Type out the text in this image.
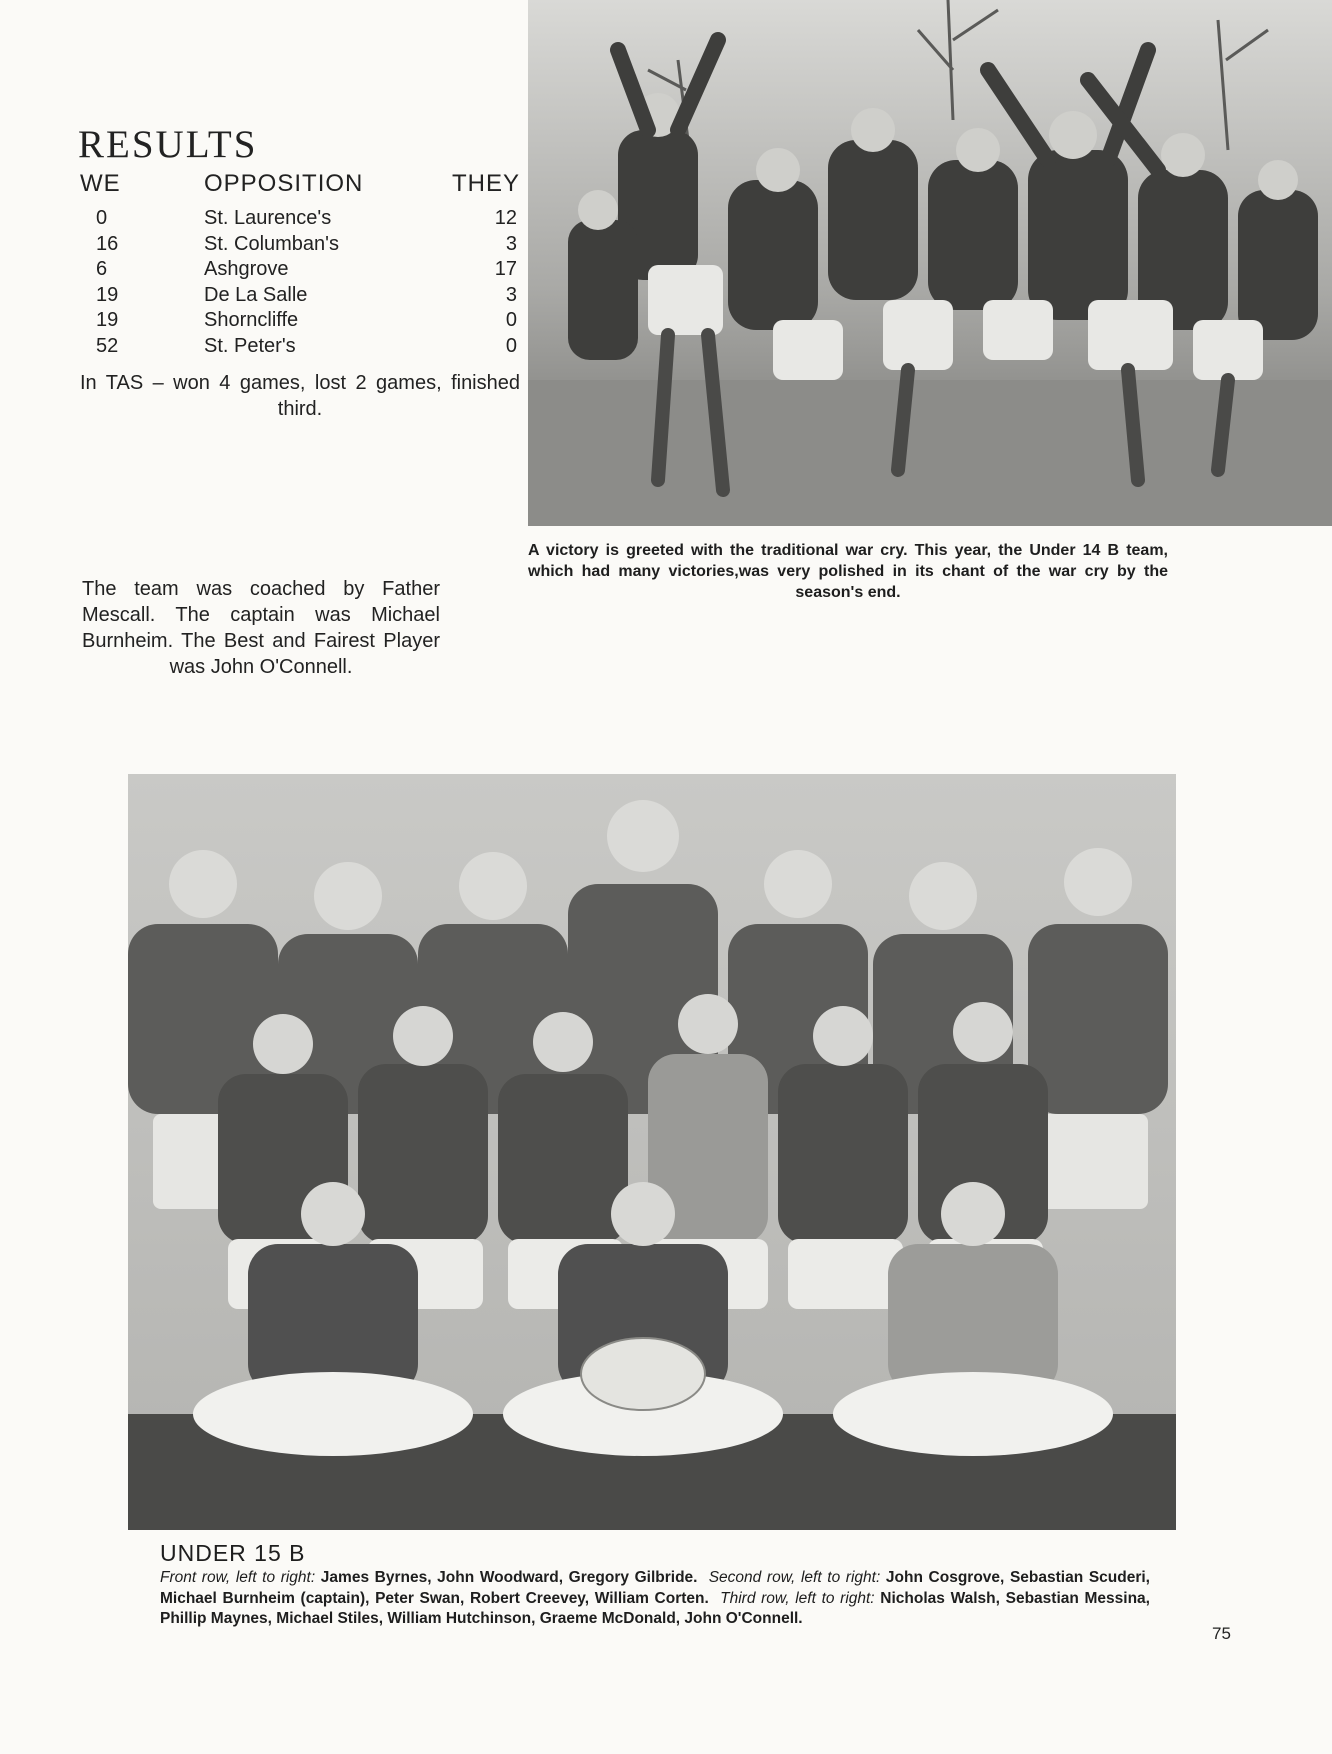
RESULTS
WE	OPPOSITION	THEY
0	St. Laurence's	12
16	St. Columban's	3
6	Ashgrove	17
19	De La Salle	3
19	Shorncliffe	0
52	St. Peter's	0

In TAS – won 4 games, lost 2 games, finished third.

The team was coached by Father Mescall. The captain was Michael Burnheim. The Best and Fairest Player was John O'Connell.

A victory is greeted with the traditional war cry. This year, the Under 14 B team, which had many victories,was very polished in its chant of the war cry by the season's end.

UNDER 15 B

Front row, left to right: James Byrnes, John Woodward, Gregory Gilbride. Second row, left to right: John Cosgrove, Sebastian Scuderi, Michael Burnheim (captain), Peter Swan, Robert Creevey, William Corten. Third row, left to right: Nicholas Walsh, Sebastian Messina, Phillip Maynes, Michael Stiles, William Hutchinson, Graeme McDonald, John O'Connell.

75
